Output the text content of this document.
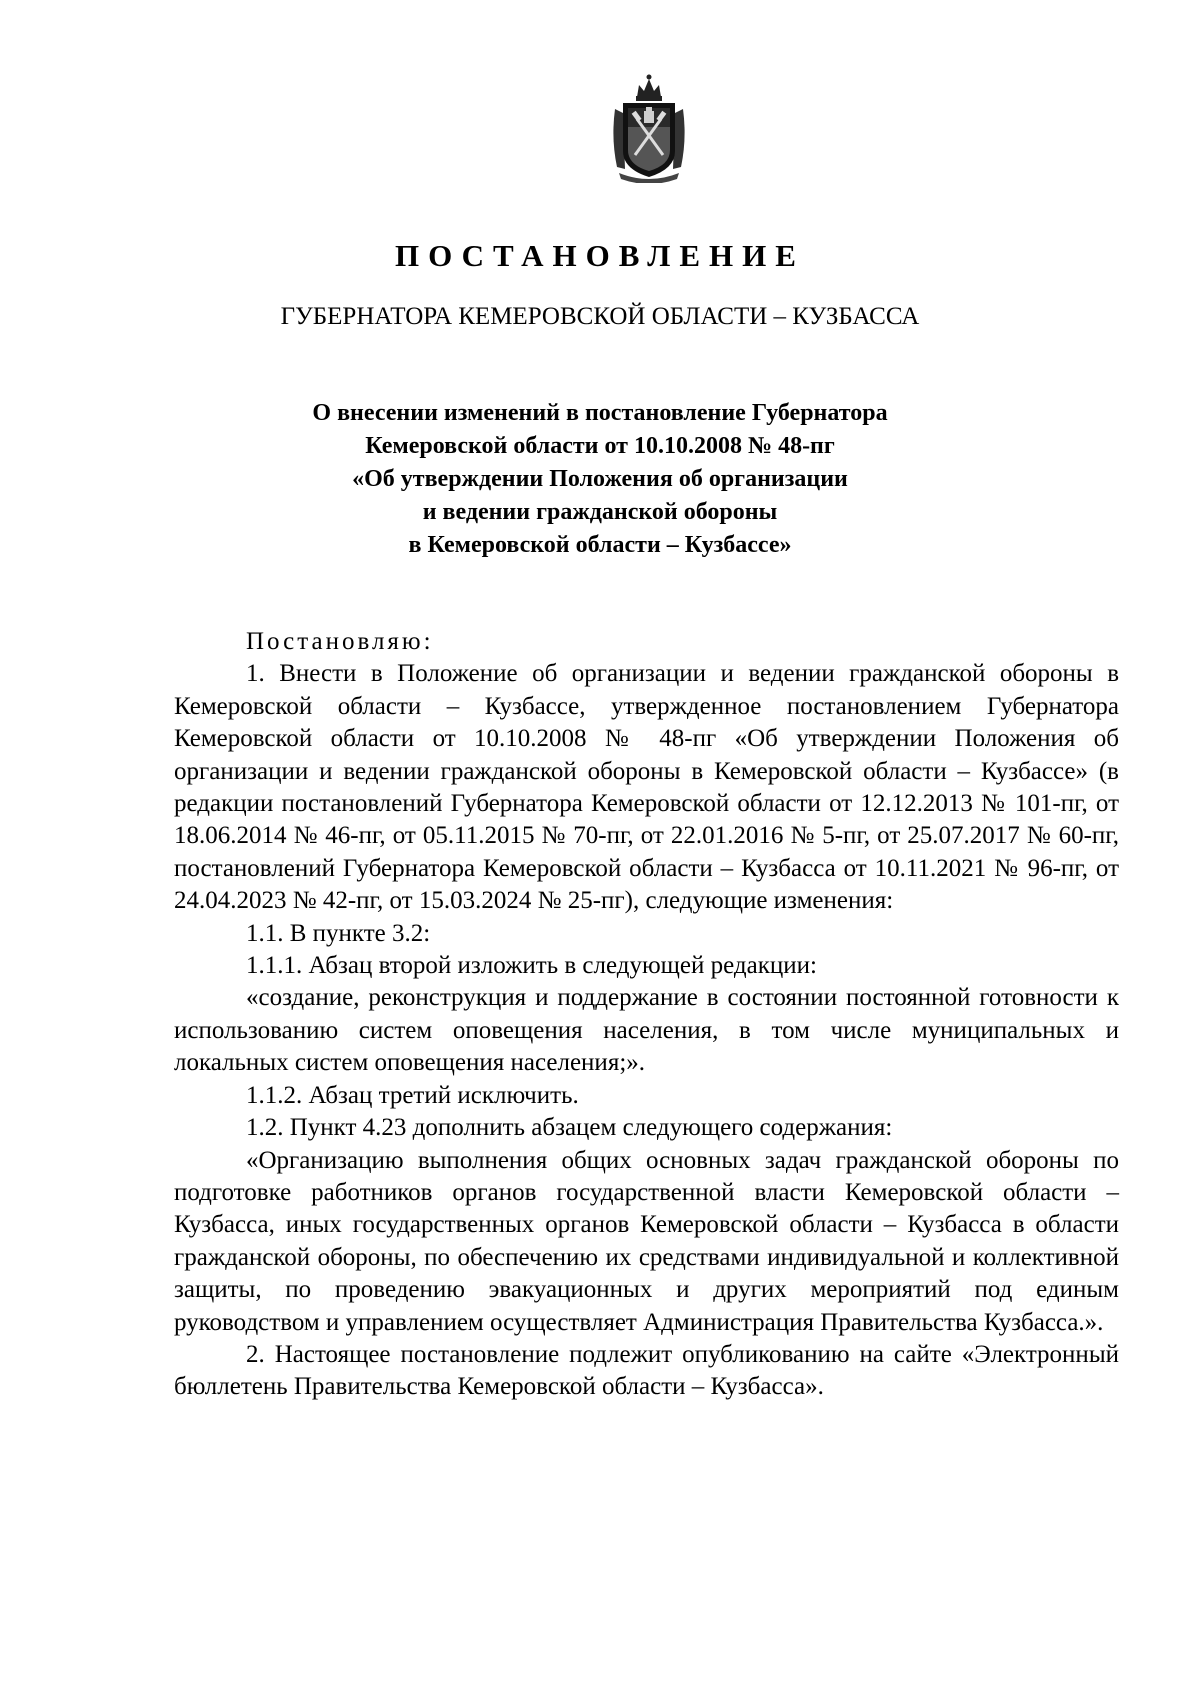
ПОСТАНОВЛЕНИЕ
ГУБЕРНАТОРА КЕМЕРОВСКОЙ ОБЛАСТИ – КУЗБАССА
О внесении изменений в постановление Губернатора
Кемеровской области от 10.10.2008 № 48-пг
«Об утверждении Положения об организации
и ведении гражданской обороны
в Кемеровской области – Кузбассе»

Постановляю:

1. Внести в Положение об организации и ведении гражданской обороны в Кемеровской области – Кузбассе, утвержденное постановлением Губернатора Кемеровской области от 10.10.2008 № 48-пг «Об утверждении Положения об организации и ведении гражданской обороны в Кемеровской области – Кузбассе» (в редакции постановлений Губернатора Кемеровской области от 12.12.2013 № 101-пг, от 18.06.2014 № 46-пг, от 05.11.2015 № 70-пг, от 22.01.2016 № 5-пг, от 25.07.2017 № 60-пг, постановлений Губернатора Кемеровской области – Кузбасса от 10.11.2021 № 96-пг, от 24.04.2023 № 42-пг, от 15.03.2024 № 25-пг), следующие изменения:

1.1. В пункте 3.2:

1.1.1. Абзац второй изложить в следующей редакции:

«создание, реконструкция и поддержание в состоянии постоянной готовности к использованию систем оповещения населения, в том числе муниципальных и локальных систем оповещения населения;».

1.1.2. Абзац третий исключить.

1.2. Пункт 4.23 дополнить абзацем следующего содержания:

«Организацию выполнения общих основных задач гражданской обороны по подготовке работников органов государственной власти Кемеровской области – Кузбасса, иных государственных органов Кемеровской области – Кузбасса в области гражданской обороны, по обеспечению их средствами индивидуальной и коллективной защиты, по проведению эвакуационных и других мероприятий под единым руководством и управлением осуществляет Администрация Правительства Кузбасса.».

2. Настоящее постановление подлежит опубликованию на сайте «Электронный бюллетень Правительства Кемеровской области – Кузбасса».
